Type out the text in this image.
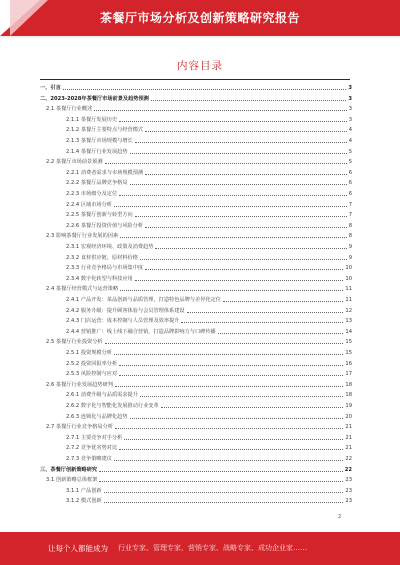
茶餐厅市场分析及创新策略研究报告
内容目录
一、引言	3
二、2023-2028年茶餐厅市场前景及趋势预测	3
2.1 茶餐厅行业概述	3
2.1.1 茶餐厅发展历史	3
2.1.2 茶餐厅主要特点与经营模式	4
2.1.3 茶餐厅市场规模与增长	4
2.1.4 茶餐厅行业发展趋势	5
2.2 茶餐厅市场前景预测	5
2.2.1 消费者需求与市场规模预测	6
2.2.2 茶餐厅品牌竞争格局	6
2.2.3 市场细分及定位	6
2.2.4 区域市场分析	7
2.2.5 茶餐厅创新与转型方向	7
2.2.6 茶餐厅投资价值与风险分析	8
2.3 影响茶餐厅行业发展的因素	8
2.3.1 宏观经济环境、政策及消费趋势	9
2.3.2 食材供应链、原材料价格	9
2.3.3 行业竞争格局与市场集中度	10
2.3.4 数字化转型与科技应用	10
2.4 茶餐厅经营模式与运营策略	11
2.4.1 产品开发：菜品创新与品质管理，打造特色品牌与差异化定位	11
2.4.2 服务升级：提升顾客体验与会员管理体系建设	12
2.4.3 门店运营：成本控制与人员管理及效率提升	13
2.4.4 营销推广：线上线下融合营销，打造品牌影响力与口碑传播	14
2.5 茶餐厅行业投资分析	15
2.5.1 投资规模分析	15
2.5.2 投资回报率分析	16
2.5.3 风险控制与应对	17
2.6 茶餐厅行业发展趋势研判	18
2.6.1 消费升级与品质需求提升	18
2.6.2 数字化与智能化发展推动行业变革	19
2.6.3 连锁化与品牌化趋势	20
2.7 茶餐厅行业竞争格局分析	21
2.7.1 主要竞争对手分析	21
2.7.2 竞争优劣势对比	21
2.7.3 竞争策略建议	22
三、茶餐厅创新策略研究	22
3.1 创新策略总体框架	23
3.1.1 产品创新	23
3.1.2 模式创新	23
2
让每个人都能成为 行业专家、管理专家、营销专家、战略专家、成功企业家……
